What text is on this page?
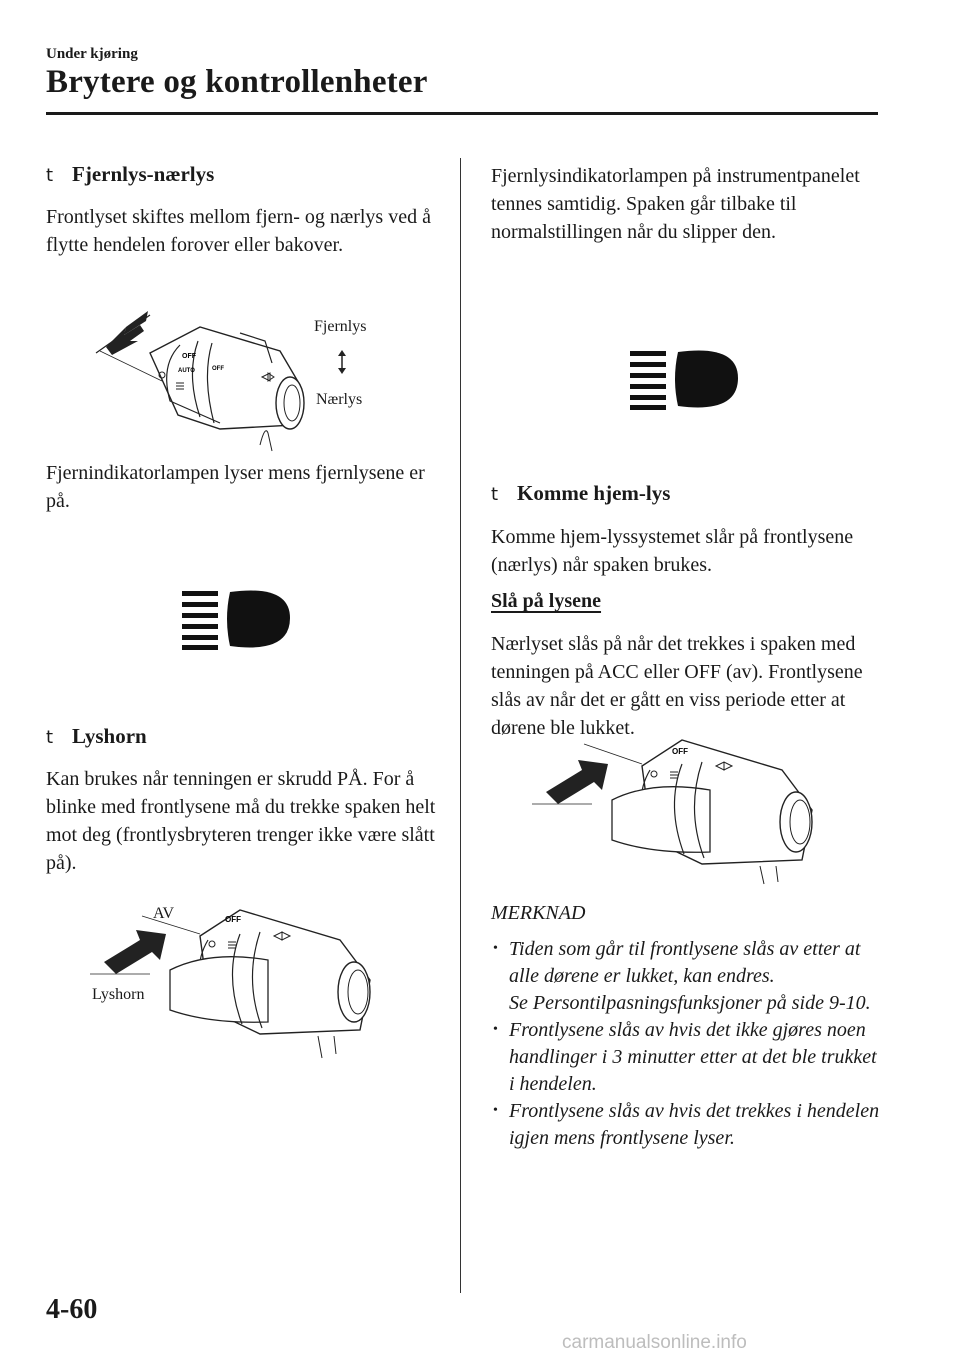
Under kjøring
Brytere og kontrollenheter
t Fjernlys-nærlys
Frontlyset skiftes mellom fjern- og nærlys ved å flytte hendelen forover eller bakover.
OFF
AUTO	OFF
Fjernlys
Nærlys
Fjernindikatorlampen lyser mens fjernlysene er på.
t Lyshorn
Kan brukes når tenningen er skrudd PÅ. For å blinke med frontlysene må du trekke spaken helt mot deg (frontlysbryteren trenger ikke være slått på).
OFF
AV
Lyshorn
Fjernlysindikatorlampen på instrumentpanelet tennes samtidig. Spaken går tilbake til normalstillingen når du slipper den.
t Komme hjem-lys
Komme hjem-lyssystemet slår på frontlysene (nærlys) når spaken brukes.
Slå på lysene
Nærlyset slås på når det trekkes i spaken med tenningen på ACC eller OFF (av). Frontlysene slås av når det er gått en viss periode etter at dørene ble lukket.
OFF
MERKNAD
• Tiden som går til frontlysene slås av etter at alle dørene er lukket, kan endres.
Se Persontilpasningsfunksjoner på side 9-10.
• Frontlysene slås av hvis det ikke gjøres noen handlinger i 3 minutter etter at det ble trukket i hendelen.
• Frontlysene slås av hvis det trekkes i hendelen igjen mens frontlysene lyser.
4-60
carmanualsonline.info
